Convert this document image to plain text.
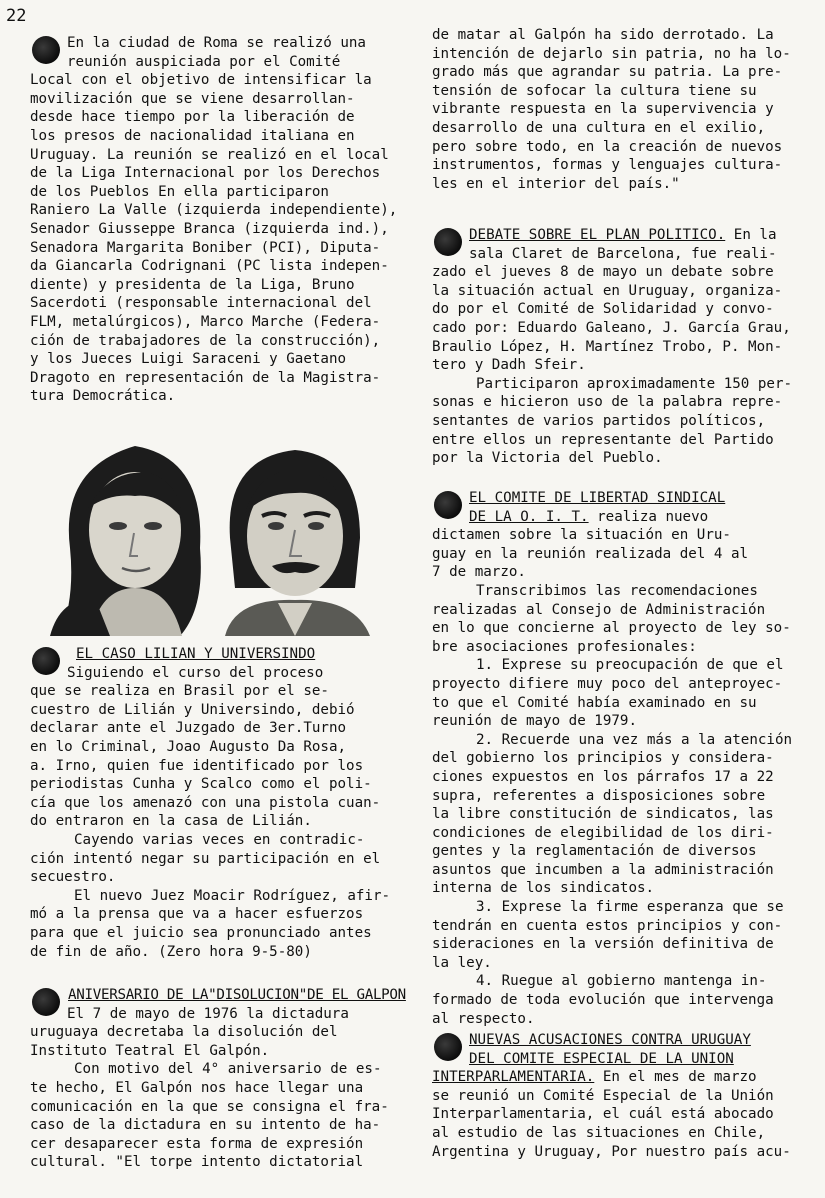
22

En la ciudad de Roma se realizó una
reunión auspiciada por el Comité
Local con el objetivo de intensificar la
movilización que se viene desarrollan-
desde hace tiempo por la liberación de
los presos de nacionalidad italiana en
Uruguay. La reunión se realizó en el local
de la Liga Internacional por los Derechos
de los Pueblos En ella participaron
Raniero La Valle (izquierda independiente),
Senador Giusseppe Branca (izquierda ind.),
Senadora Margarita Boniber (PCI), Diputa-
da Giancarla Codrignani (PC lista indepen-
diente) y presidenta de la Liga, Bruno
Sacerdoti (responsable internacional del
FLM, metalúrgicos), Marco Marche (Federa-
ción de trabajadores de la construcción),
y los Jueces Luigi Saraceni y Gaetano
Dragoto en representación de la Magistra-
tura Democrática.

EL CASO LILIAN Y UNIVERSINDO
Siguiendo el curso del proceso
que se realiza en Brasil por el se-
cuestro de Lilián y Universindo, debió
declarar ante el Juzgado de 3er.Turno
en lo Criminal, Joao Augusto Da Rosa,
a. Irno, quien fue identificado por los
periodistas Cunha y Scalco como el poli-
cía que los amenazó con una pistola cuan-
do entraron en la casa de Lilián.
Cayendo varias veces en contradic-
ción intentó negar su participación en el
secuestro.
El nuevo Juez Moacir Rodríguez, afir-
mó a la prensa que va a hacer esfuerzos
para que el juicio sea pronunciado antes
de fin de año. (Zero hora 9-5-80)
ANIVERSARIO DE LA"DISOLUCION"DE EL GALPON
El 7 de mayo de 1976 la dictadura
uruguaya decretaba la disolución del
Instituto Teatral El Galpón.
Con motivo del 4° aniversario de es-
te hecho, El Galpón nos hace llegar una
comunicación en la que se consigna el fra-
caso de la dictadura en su intento de ha-
cer desaparecer esta forma de expresión
cultural. "El torpe intento dictatorial

de matar al Galpón ha sido derrotado. La
intención de dejarlo sin patria, no ha lo-
grado más que agrandar su patria. La pre-
tensión de sofocar la cultura tiene su
vibrante respuesta en la supervivencia y
desarrollo de una cultura en el exilio,
pero sobre todo, en la creación de nuevos
instrumentos, formas y lenguajes cultura-
les en el interior del país."

DEBATE SOBRE EL PLAN POLITICO. En la
sala Claret de Barcelona, fue reali-
zado el jueves 8 de mayo un debate sobre
la situación actual en Uruguay, organiza-
do por el Comité de Solidaridad y convo-
cado por: Eduardo Galeano, J. García Grau,
Braulio López, H. Martínez Trobo, P. Mon-
tero y Dadh Sfeir.
Participaron aproximadamente 150 per-
sonas e hicieron uso de la palabra repre-
sentantes de varios partidos políticos,
entre ellos un representante del Partido
por la Victoria del Pueblo.
EL COMITE DE LIBERTAD SINDICAL
DE LA O. I. T. realiza nuevo
dictamen sobre la situación en Uru-
guay en la reunión realizada del 4 al
7 de marzo.
Transcribimos las recomendaciones
realizadas al Consejo de Administración
en lo que concierne al proyecto de ley so-
bre asociaciones profesionales:
1. Exprese su preocupación de que el
proyecto difiere muy poco del anteproyec-
to que el Comité había examinado en su
reunión de mayo de 1979.
2. Recuerde una vez más a la atención
del gobierno los principios y considera-
ciones expuestos en los párrafos 17 a 22
supra, referentes a disposiciones sobre
la libre constitución de sindicatos, las
condiciones de elegibilidad de los diri-
gentes y la reglamentación de diversos
asuntos que incumben a la administración
interna de los sindicatos.
3. Exprese la firme esperanza que se
tendrán en cuenta estos principios y con-
sideraciones en la versión definitiva de
la ley.
4. Ruegue al gobierno mantenga in-
formado de toda evolución que intervenga
al respecto.
NUEVAS ACUSACIONES CONTRA URUGUAY
DEL COMITE ESPECIAL DE LA UNION
INTERPARLAMENTARIA. En el mes de marzo
se reunió un Comité Especial de la Unión
Interparlamentaria, el cuál está abocado
al estudio de las situaciones en Chile,
Argentina y Uruguay, Por nuestro país acu-
